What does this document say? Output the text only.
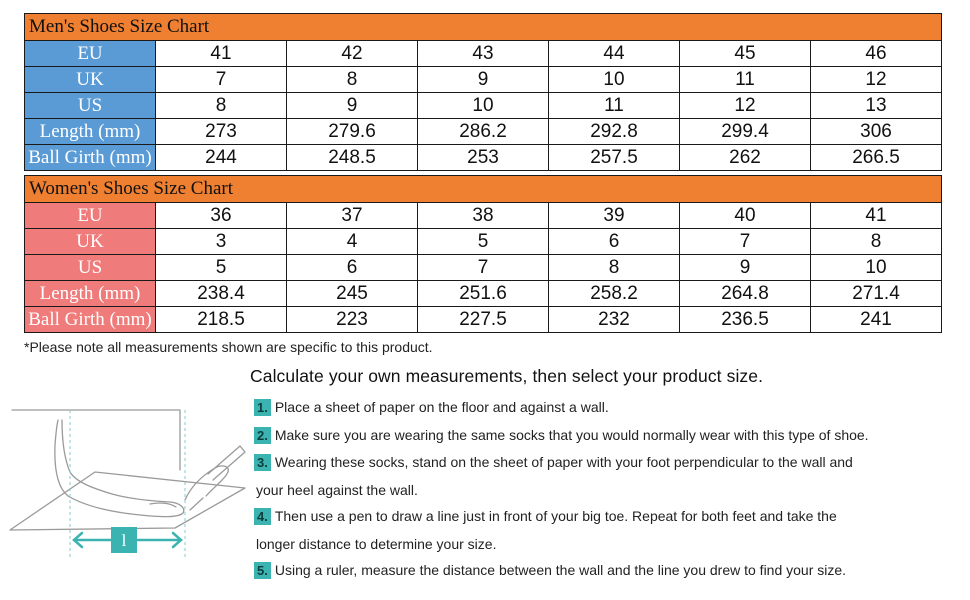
Men's Shoes Size Chart						
EU	41	42	43	44	45	46
UK	7	8	9	10	11	12
US	8	9	10	11	12	13
Length (mm)	273	279.6	286.2	292.8	299.4	306
Ball Girth (mm)	244	248.5	253	257.5	262	266.5
Women's Shoes Size Chart						
EU	36	37	38	39	40	41
UK	3	4	5	6	7	8
US	5	6	7	8	9	10
Length (mm)	238.4	245	251.6	258.2	264.8	271.4
Ball Girth (mm)	218.5	223	227.5	232	236.5	241
*Please note all measurements shown are specific to this product.
Calculate your own measurements, then select your product size.
1. Place a sheet of paper on the floor and against a wall.
2. Make sure you are wearing the same socks that you would normally wear with this type of shoe.
3. Wearing these socks, stand on the sheet of paper with your foot perpendicular to the wall and
your heel against the wall.
4. Then use a pen to draw a line just in front of your big toe. Repeat for both feet and take the
longer distance to determine your size.
5. Using a ruler, measure the distance between the wall and the line you drew to find your size.
l
